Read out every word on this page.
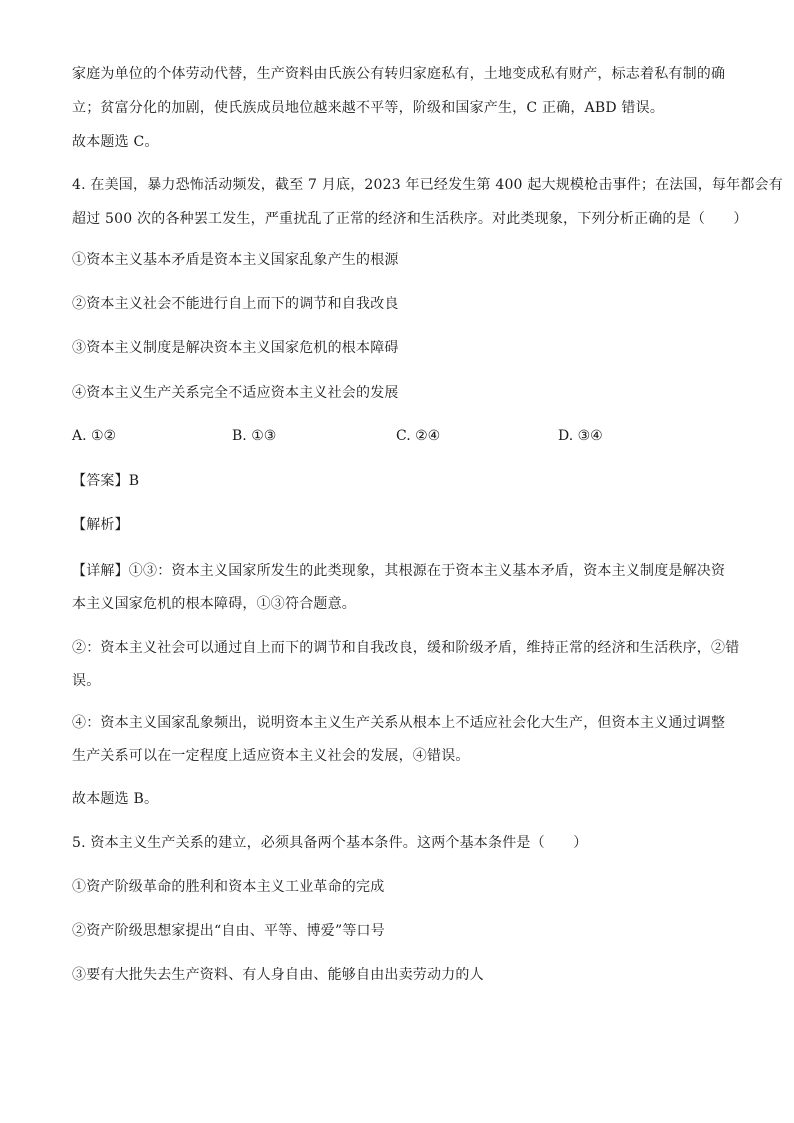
家庭为单位的个体劳动代替，生产资料由氏族公有转归家庭私有，土地变成私有财产，标志着私有制的确
立；贫富分化的加剧，使氏族成员地位越来越不平等，阶级和国家产生，C 正确，ABD 错误。
故本题选 C。
4. 在美国，暴力恐怖活动频发，截至 7 月底，2023 年已经发生第 400 起大规模枪击事件；在法国，每年都会有
超过 500 次的各种罢工发生，严重扰乱了正常的经济和生活秩序。对此类现象，下列分析正确的是（　　）
①资本主义基本矛盾是资本主义国家乱象产生的根源
②资本主义社会不能进行自上而下的调节和自我改良
③资本主义制度是解决资本主义国家危机的根本障碍
④资本主义生产关系完全不适应资本主义社会的发展
A. ①②	B. ①③	C. ②④	D. ③④
【答案】B
【解析】
【详解】①③：资本主义国家所发生的此类现象，其根源在于资本主义基本矛盾，资本主义制度是解决资
本主义国家危机的根本障碍，①③符合题意。
②：资本主义社会可以通过自上而下的调节和自我改良，缓和阶级矛盾，维持正常的经济和生活秩序，②错
误。
④：资本主义国家乱象频出，说明资本主义生产关系从根本上不适应社会化大生产，但资本主义通过调整
生产关系可以在一定程度上适应资本主义社会的发展，④错误。
故本题选 B。
5. 资本主义生产关系的建立，必须具备两个基本条件。这两个基本条件是（　　）
①资产阶级革命的胜利和资本主义工业革命的完成
②资产阶级思想家提出“自由、平等、博爱”等口号
③要有大批失去生产资料、有人身自由、能够自由出卖劳动力的人
